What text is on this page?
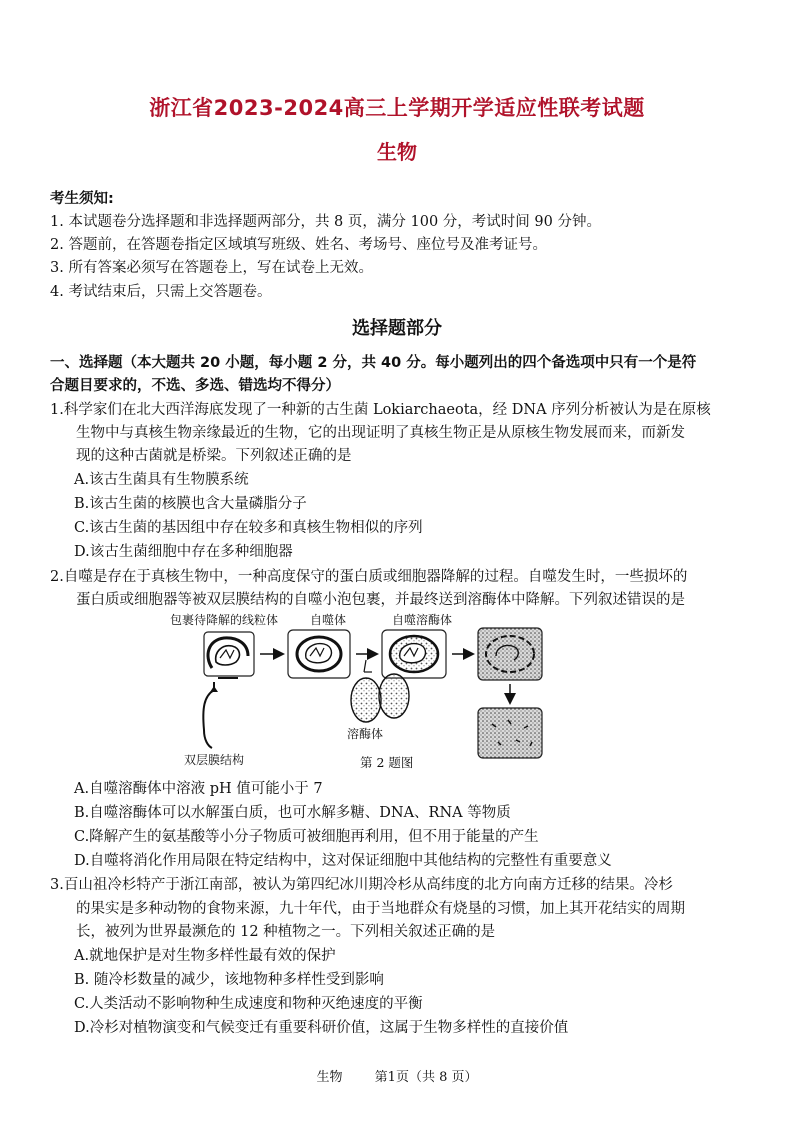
浙江省2023-2024高三上学期开学适应性联考试题
生物
考生须知:
1. 本试题卷分选择题和非选择题两部分，共 8 页，满分 100 分，考试时间 90 分钟。
2. 答题前，在答题卷指定区域填写班级、姓名、考场号、座位号及准考证号。
3. 所有答案必须写在答题卷上，写在试卷上无效。
4. 考试结束后，只需上交答题卷。
选择题部分
一、选择题（本大题共 20 小题，每小题 2 分，共 40 分。每小题列出的四个备选项中只有一个是符
合题目要求的，不选、多选、错选均不得分）
1.科学家们在北大西洋海底发现了一种新的古生菌 Lokiarchaeota，经 DNA 序列分析被认为是在原核
生物中与真核生物亲缘最近的生物，它的出现证明了真核生物正是从原核生物发展而来，而新发
现的这种古菌就是桥梁。下列叙述正确的是
A.该古生菌具有生物膜系统
B.该古生菌的核膜也含大量磷脂分子
C.该古生菌的基因组中存在较多和真核生物相似的序列
D.该古生菌细胞中存在多种细胞器
2.自噬是存在于真核生物中，一种高度保守的蛋白质或细胞器降解的过程。自噬发生时，一些损坏的
蛋白质或细胞器等被双层膜结构的自噬小泡包裹，并最终送到溶酶体中降解。下列叙述错误的是
包裹待降解的线粒体	自噬体	自噬溶酶体
溶酶体
双层膜结构	第 2 题图
A.自噬溶酶体中溶液 pH 值可能小于 7
B.自噬溶酶体可以水解蛋白质，也可水解多糖、DNA、RNA 等物质
C.降解产生的氨基酸等小分子物质可被细胞再利用，但不用于能量的产生
D.自噬将消化作用局限在特定结构中，这对保证细胞中其他结构的完整性有重要意义
3.百山祖冷杉特产于浙江南部，被认为第四纪冰川期冷杉从高纬度的北方向南方迁移的结果。冷杉
的果实是多种动物的食物来源，九十年代，由于当地群众有烧垦的习惯，加上其开花结实的周期
长，被列为世界最濒危的 12 种植物之一。下列相关叙述正确的是
A.就地保护是对生物多样性最有效的保护
B. 随冷杉数量的减少，该地物种多样性受到影响
C.人类活动不影响物种生成速度和物种灭绝速度的平衡
D.冷杉对植物演变和气候变迁有重要科研价值，这属于生物多样性的直接价值
生物 第1页（共 8 页）
